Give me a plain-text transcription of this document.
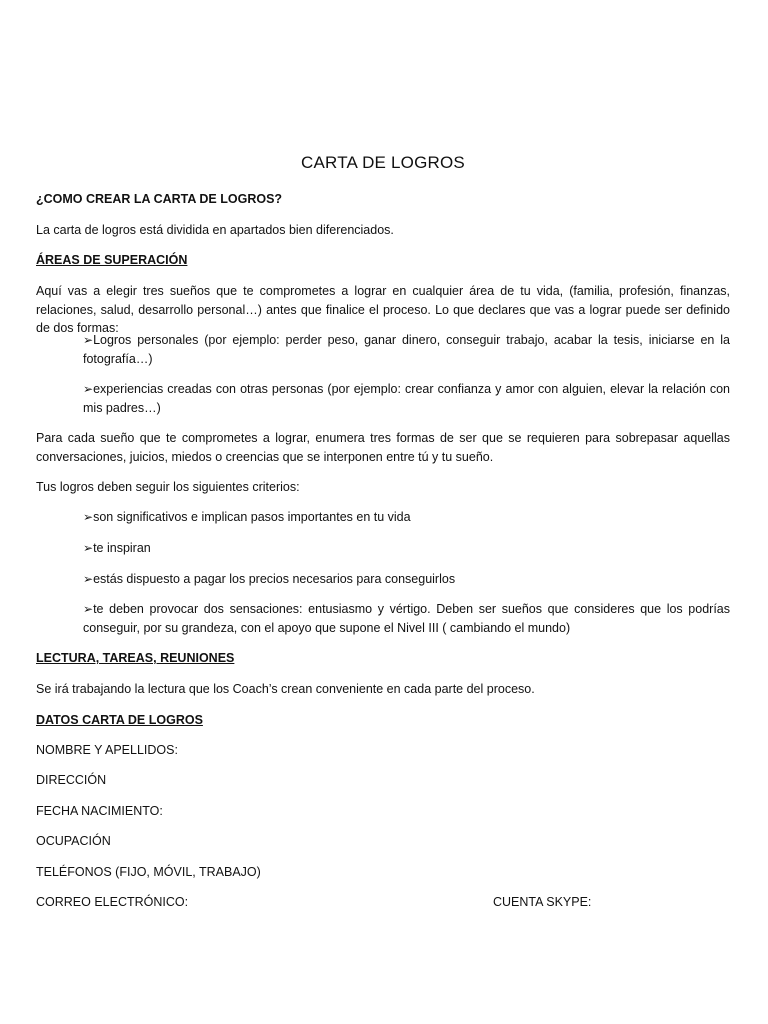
CARTA DE LOGROS
¿COMO CREAR LA CARTA DE LOGROS?
La carta de logros está dividida en apartados bien diferenciados.
ÁREAS DE SUPERACIÓN
Aquí vas a elegir tres sueños que te comprometes a lograr en cualquier área de tu vida, (familia, profesión, finanzas, relaciones, salud, desarrollo personal…) antes que finalice el proceso. Lo que declares que vas a lograr puede ser definido de dos formas:
➢Logros personales (por ejemplo: perder peso, ganar dinero, conseguir trabajo, acabar la tesis, iniciarse en la fotografía…)
➢experiencias creadas con otras personas (por ejemplo: crear confianza y amor con alguien, elevar la relación con mis padres…)
Para cada sueño que te comprometes a lograr, enumera tres formas de ser que se requieren para sobrepasar aquellas conversaciones, juicios, miedos o creencias que se interponen entre tú y tu sueño.
Tus logros deben seguir los siguientes criterios:
➢son significativos e implican pasos importantes en tu vida
➢te inspiran
➢estás dispuesto a pagar los precios necesarios para conseguirlos
➢te deben provocar dos sensaciones: entusiasmo y vértigo. Deben ser sueños que consideres que los podrías conseguir, por su grandeza, con el apoyo que supone el Nivel III ( cambiando el mundo)
LECTURA, TAREAS, REUNIONES
Se irá trabajando la lectura que los Coach’s crean conveniente en cada parte del proceso.
DATOS CARTA DE LOGROS
NOMBRE Y APELLIDOS:
DIRECCIÓN
FECHA NACIMIENTO:
OCUPACIÓN
TELÉFONOS (FIJO, MÓVIL, TRABAJO)
CORREO ELECTRÓNICO:	CUENTA SKYPE:
